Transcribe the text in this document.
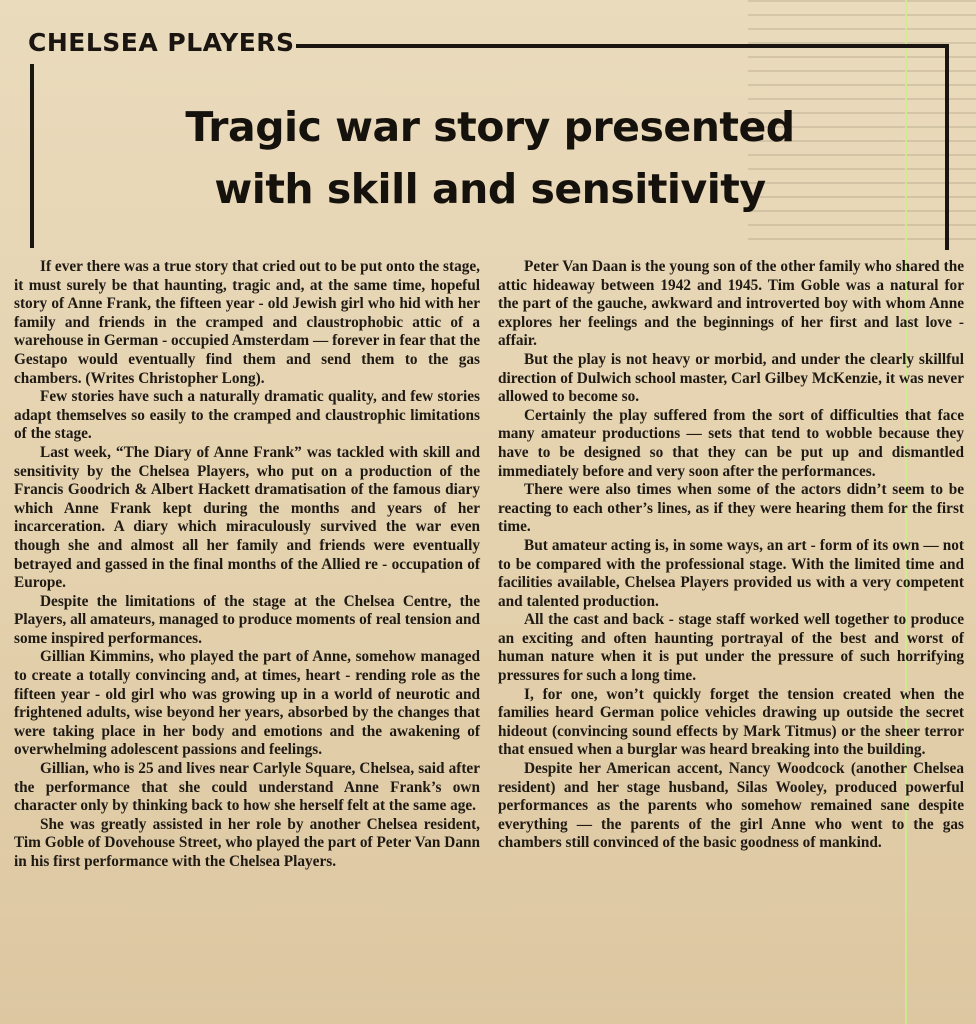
CHELSEA PLAYERS
Tragic war story presented
with skill and sensitivity

If ever there was a true story that cried out to be put onto the stage, it must surely be that haunting, tragic and, at the same time, hopeful story of Anne Frank, the fifteen year - old Jewish girl who hid with her family and friends in the cramped and claustrophobic attic of a warehouse in German - occupied Amsterdam — forever in fear that the Gestapo would eventually find them and send them to the gas chambers. (Writes Christopher Long).

Few stories have such a naturally dramatic quality, and few stories adapt themselves so easily to the cramped and claustrophic limitations of the stage.

Last week, “The Diary of Anne Frank” was tackled with skill and sensitivity by the Chelsea Players, who put on a production of the Francis Goodrich & Albert Hackett dramatisation of the famous diary which Anne Frank kept during the months and years of her incarceration. A diary which miraculously survived the war even though she and almost all her family and friends were eventually betrayed and gassed in the final months of the Allied re - occupation of Europe.

Despite the limitations of the stage at the Chelsea Centre, the Players, all amateurs, managed to produce moments of real tension and some inspired performances.

Gillian Kimmins, who played the part of Anne, somehow managed to create a totally convincing and, at times, heart - rending role as the fifteen year - old girl who was growing up in a world of neurotic and frightened adults, wise beyond her years, absorbed by the changes that were taking place in her body and emotions and the awakening of overwhelming adolescent passions and feelings.

Gillian, who is 25 and lives near Carlyle Square, Chelsea, said after the performance that she could understand Anne Frank’s own character only by thinking back to how she herself felt at the same age.

She was greatly assisted in her role by another Chelsea resident, Tim Goble of Dovehouse Street, who played the part of Peter Van Dann in his first performance with the Chelsea Players.

Peter Van Daan is the young son of the other family who shared the attic hideaway between 1942 and 1945. Tim Goble was a natural for the part of the gauche, awkward and introverted boy with whom Anne explores her feelings and the beginnings of her first and last love - affair.

But the play is not heavy or morbid, and under the clearly skillful direction of Dulwich school master, Carl Gilbey McKenzie, it was never allowed to become so.

Certainly the play suffered from the sort of difficulties that face many amateur productions — sets that tend to wobble because they have to be designed so that they can be put up and dismantled immediately before and very soon after the performances.

There were also times when some of the actors didn’t seem to be reacting to each other’s lines, as if they were hearing them for the first time.

But amateur acting is, in some ways, an art - form of its own — not to be compared with the professional stage. With the limited time and facilities available, Chelsea Players provided us with a very competent and talented production.

All the cast and back - stage staff worked well together to produce an exciting and often haunting portrayal of the best and worst of human nature when it is put under the pressure of such horrifying pressures for such a long time.

I, for one, won’t quickly forget the tension created when the families heard German police vehicles drawing up outside the secret hideout (convincing sound effects by Mark Titmus) or the sheer terror that ensued when a burglar was heard breaking into the building.

Despite her American accent, Nancy Woodcock (another Chelsea resident) and her stage husband, Silas Wooley, produced powerful performances as the parents who somehow remained sane despite everything — the parents of the girl Anne who went to the gas chambers still convinced of the basic goodness of mankind.
